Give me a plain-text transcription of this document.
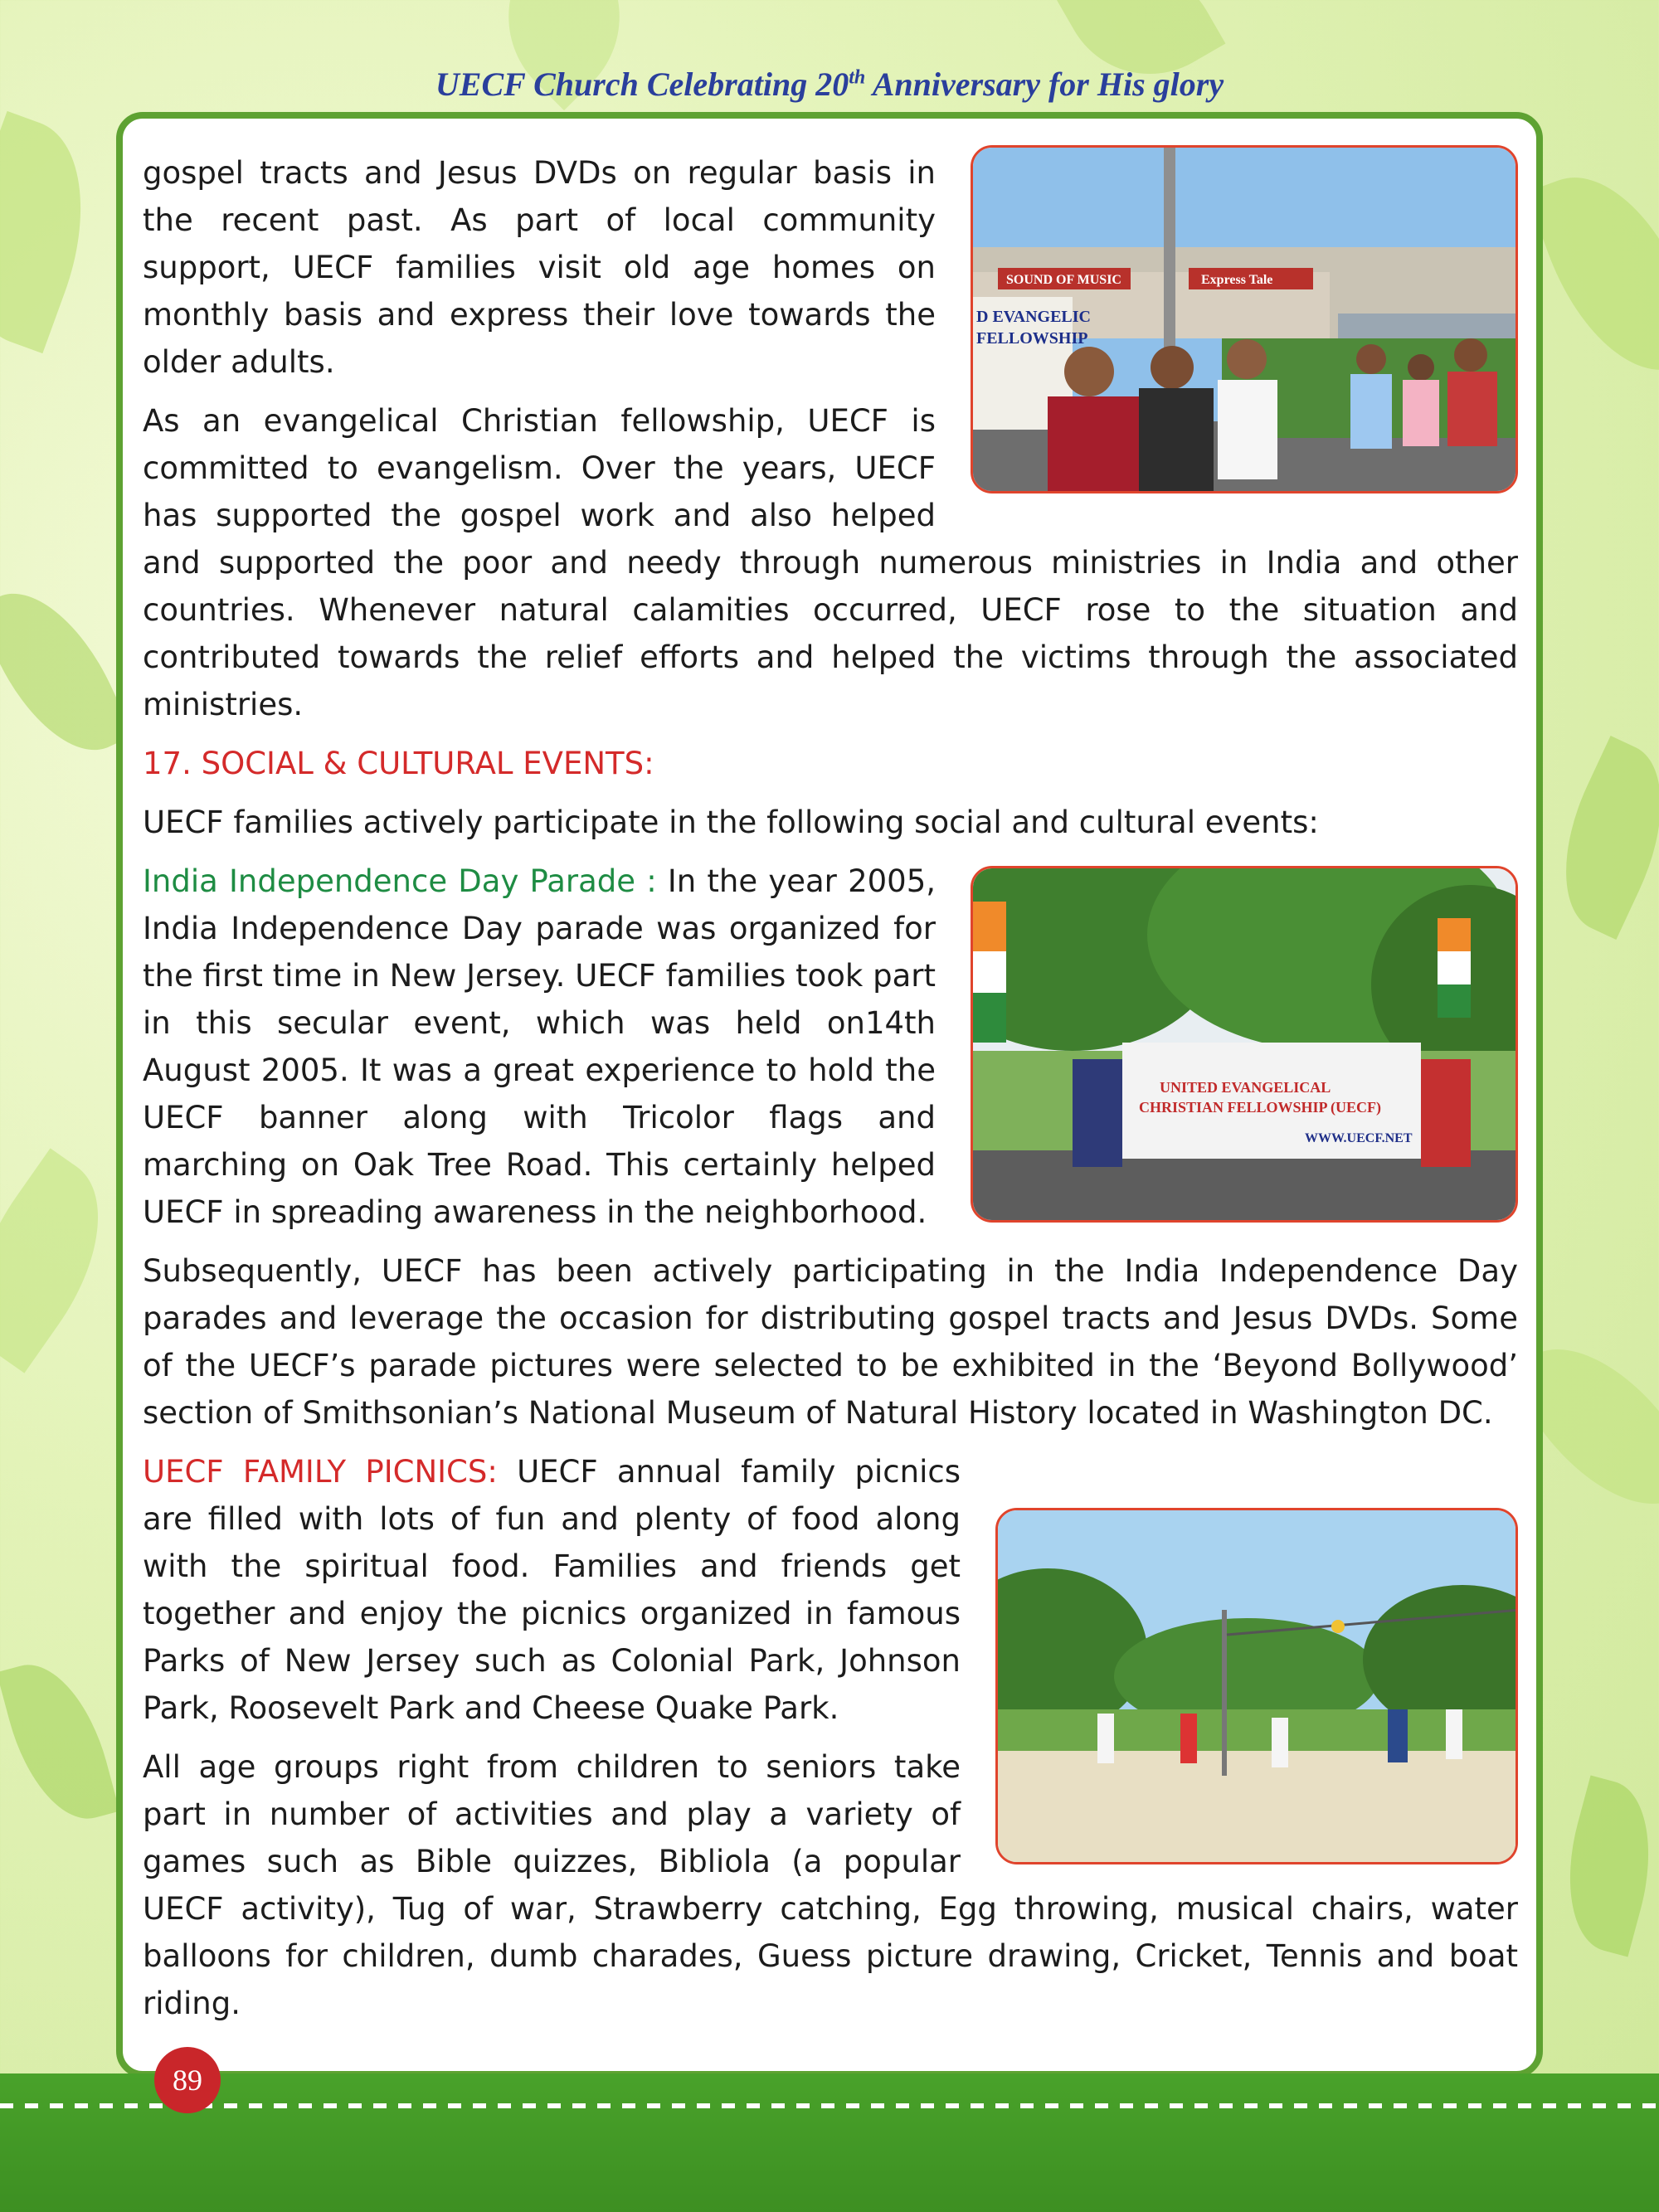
UECF Church Celebrating 20th Anniversary for His glory
SOUND OF MUSIC	Express Tale
D EVANGELIC
FELLOWSHIP

gospel tracts and Jesus DVDs on regular basis in the recent past. As part of local community support, UECF families visit old age homes on monthly basis and express their love towards the older adults.

As an evangelical Christian fellowship, UECF is committed to evangelism. Over the years, UECF has supported the gospel work and also helped and supported the poor and needy through numerous ministries in India and other countries. Whenever natural calamities occurred, UECF rose to the situation and contributed towards the relief efforts and helped the victims through the associated ministries.

17. SOCIAL & CULTURAL EVENTS:

UECF families actively participate in the following social and cultural events:

UNITED EVANGELICAL
CHRISTIAN FELLOWSHIP (UECF)
WWW.UECF.NET

India Independence Day Parade : In the year 2005, India Independence Day parade was organized for the first time in New Jersey. UECF families took part in this secular event, which was held on14th August 2005. It was a great experience to hold the UECF banner along with Tricolor flags and marching on Oak Tree Road. This certainly helped UECF in spreading awareness in the neighborhood.

Subsequently, UECF has been actively participating in the India Independence Day parades and leverage the occasion for distributing gospel tracts and Jesus DVDs. Some of the UECF’s parade pictures were selected to be exhibited in the ‘Beyond Bollywood’ section of Smithsonian’s National Museum of Natural History located in Washington DC.

UECF FAMILY PICNICS: UECF annual family picnics are filled with lots of fun and plenty of food along with the spiritual food. Families and friends get together and enjoy the picnics organized in famous Parks of New Jersey such as Colonial Park, Johnson Park, Roosevelt Park and Cheese Quake Park.

All age groups right from children to seniors take part in number of activities and play a variety of games such as Bible quizzes, Bibliola (a popular UECF activity), Tug of war, Strawberry catching, Egg throwing, musical chairs, water balloons for children, dumb charades, Guess picture drawing, Cricket, Tennis and boat riding.

89
